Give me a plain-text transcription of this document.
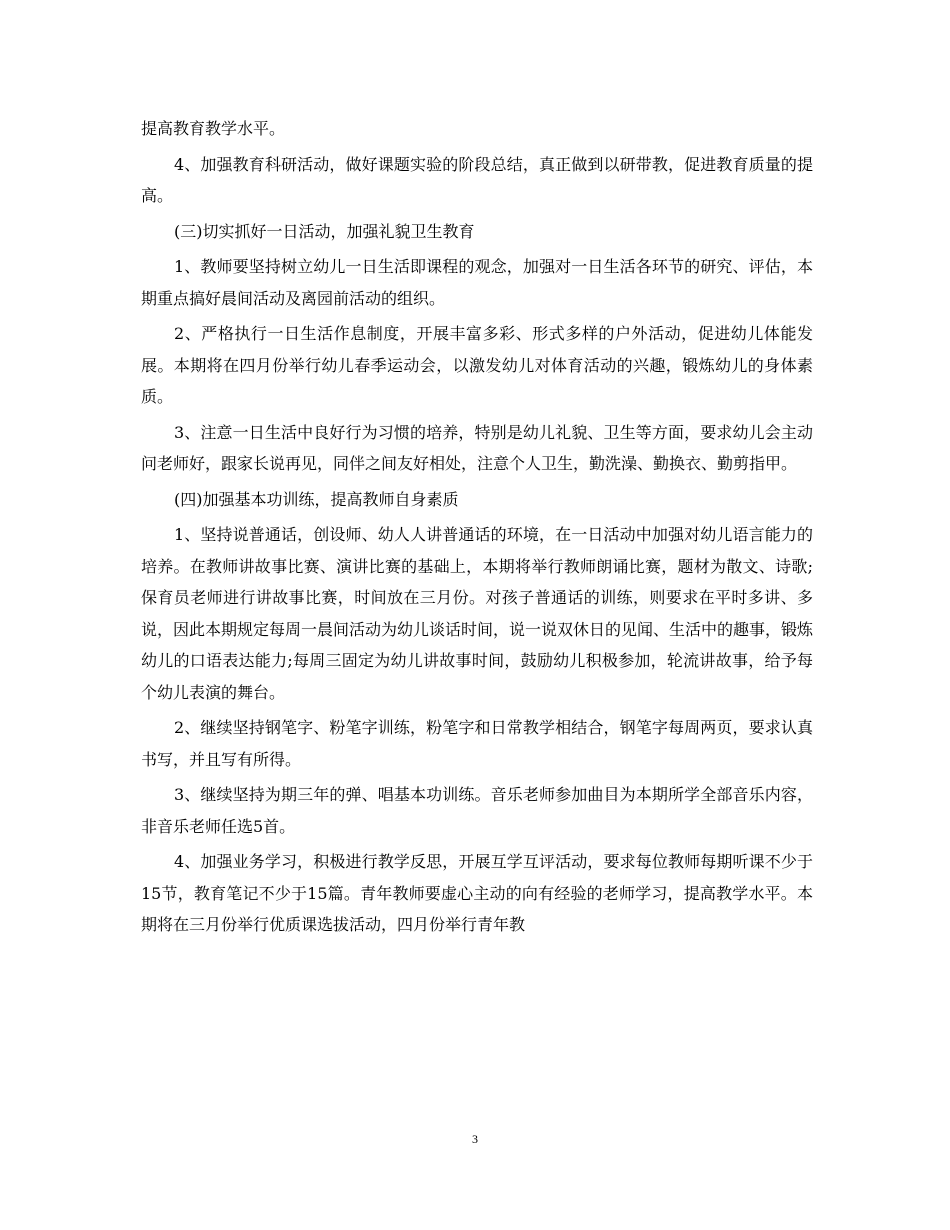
提高教育教学水平。

4、加强教育科研活动，做好课题实验的阶段总结，真正做到以研带教，促进教育质量的提高。

(三)切实抓好一日活动，加强礼貌卫生教育

1、教师要坚持树立幼儿一日生活即课程的观念，加强对一日生活各环节的研究、评估，本期重点搞好晨间活动及离园前活动的组织。

2、严格执行一日生活作息制度，开展丰富多彩、形式多样的户外活动，促进幼儿体能发展。本期将在四月份举行幼儿春季运动会，以激发幼儿对体育活动的兴趣，锻炼幼儿的身体素质。

3、注意一日生活中良好行为习惯的培养，特别是幼儿礼貌、卫生等方面，要求幼儿会主动问老师好，跟家长说再见，同伴之间友好相处，注意个人卫生，勤洗澡、勤换衣、勤剪指甲。

(四)加强基本功训练，提高教师自身素质

1、坚持说普通话，创设师、幼人人讲普通话的环境，在一日活动中加强对幼儿语言能力的培养。在教师讲故事比赛、演讲比赛的基础上，本期将举行教师朗诵比赛，题材为散文、诗歌;保育员老师进行讲故事比赛，时间放在三月份。对孩子普通话的训练，则要求在平时多讲、多说，因此本期规定每周一晨间活动为幼儿谈话时间，说一说双休日的见闻、生活中的趣事，锻炼幼儿的口语表达能力;每周三固定为幼儿讲故事时间，鼓励幼儿积极参加，轮流讲故事，给予每个幼儿表演的舞台。

2、继续坚持钢笔字、粉笔字训练，粉笔字和日常教学相结合，钢笔字每周两页，要求认真书写，并且写有所得。

3、继续坚持为期三年的弹、唱基本功训练。音乐老师参加曲目为本期所学全部音乐内容，非音乐老师任选5首。

4、加强业务学习，积极进行教学反思，开展互学互评活动，要求每位教师每期听课不少于15节，教育笔记不少于15篇。青年教师要虚心主动的向有经验的老师学习，提高教学水平。本期将在三月份举行优质课选拔活动，四月份举行青年教

3
